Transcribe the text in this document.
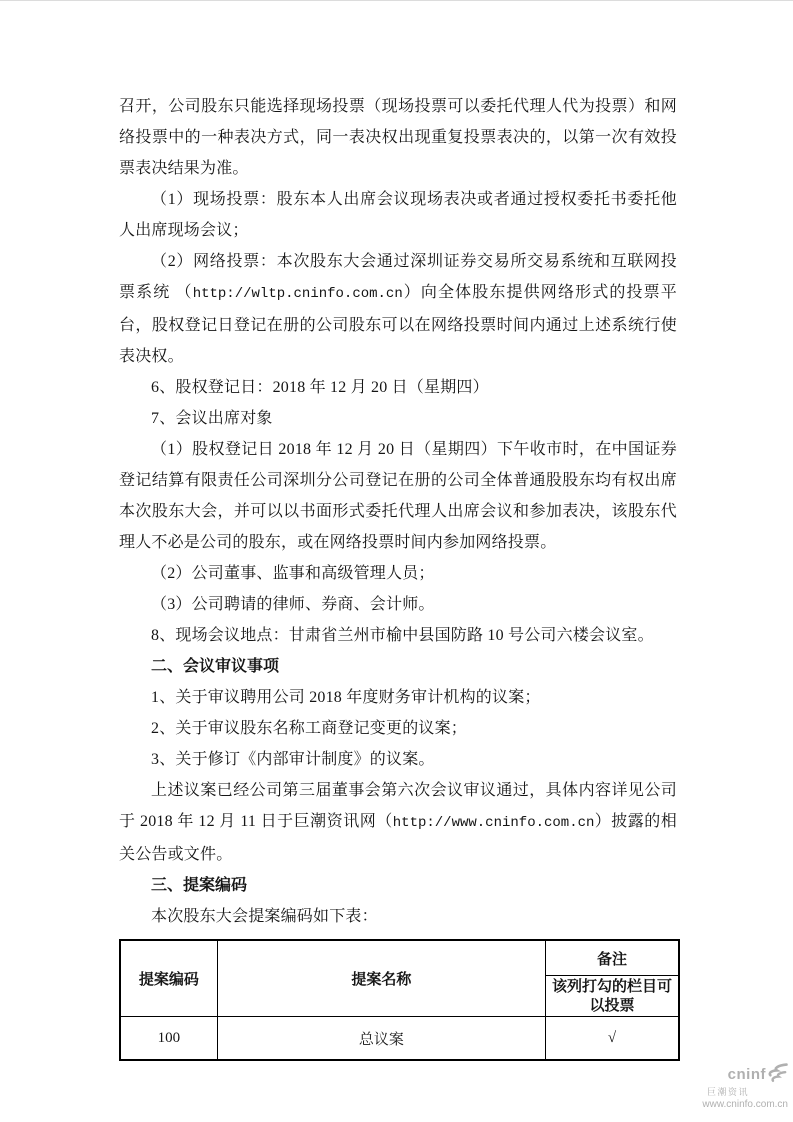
召开，公司股东只能选择现场投票（现场投票可以委托代理人代为投票）和网络投票中的一种表决方式，同一表决权出现重复投票表决的，以第一次有效投票表决结果为准。

（1）现场投票：股东本人出席会议现场表决或者通过授权委托书委托他人出席现场会议；

（2）网络投票：本次股东大会通过深圳证券交易所交易系统和互联网投票系统 （http://wltp.cninfo.com.cn）向全体股东提供网络形式的投票平台，股权登记日登记在册的公司股东可以在网络投票时间内通过上述系统行使表决权。

6、股权登记日：2018 年 12 月 20 日（星期四）

7、会议出席对象

（1）股权登记日 2018 年 12 月 20 日（星期四）下午收市时，在中国证券登记结算有限责任公司深圳分公司登记在册的公司全体普通股股东均有权出席本次股东大会，并可以以书面形式委托代理人出席会议和参加表决，该股东代理人不必是公司的股东，或在网络投票时间内参加网络投票。

（2）公司董事、监事和高级管理人员；

（3）公司聘请的律师、券商、会计师。

8、现场会议地点：甘肃省兰州市榆中县国防路 10 号公司六楼会议室。

二、会议审议事项

1、关于审议聘用公司 2018 年度财务审计机构的议案；

2、关于审议股东名称工商登记变更的议案；

3、关于修订《内部审计制度》的议案。

上述议案已经公司第三届董事会第六次会议审议通过，具体内容详见公司于 2018 年 12 月 11 日于巨潮资讯网（http://www.cninfo.com.cn）披露的相关公告或文件。

三、提案编码

本次股东大会提案编码如下表：

提案编码	提案名称	备注
		该列打勾的栏目可以投票
100	总议案	√
cninf
巨潮资讯
www.cninfo.com.cn
